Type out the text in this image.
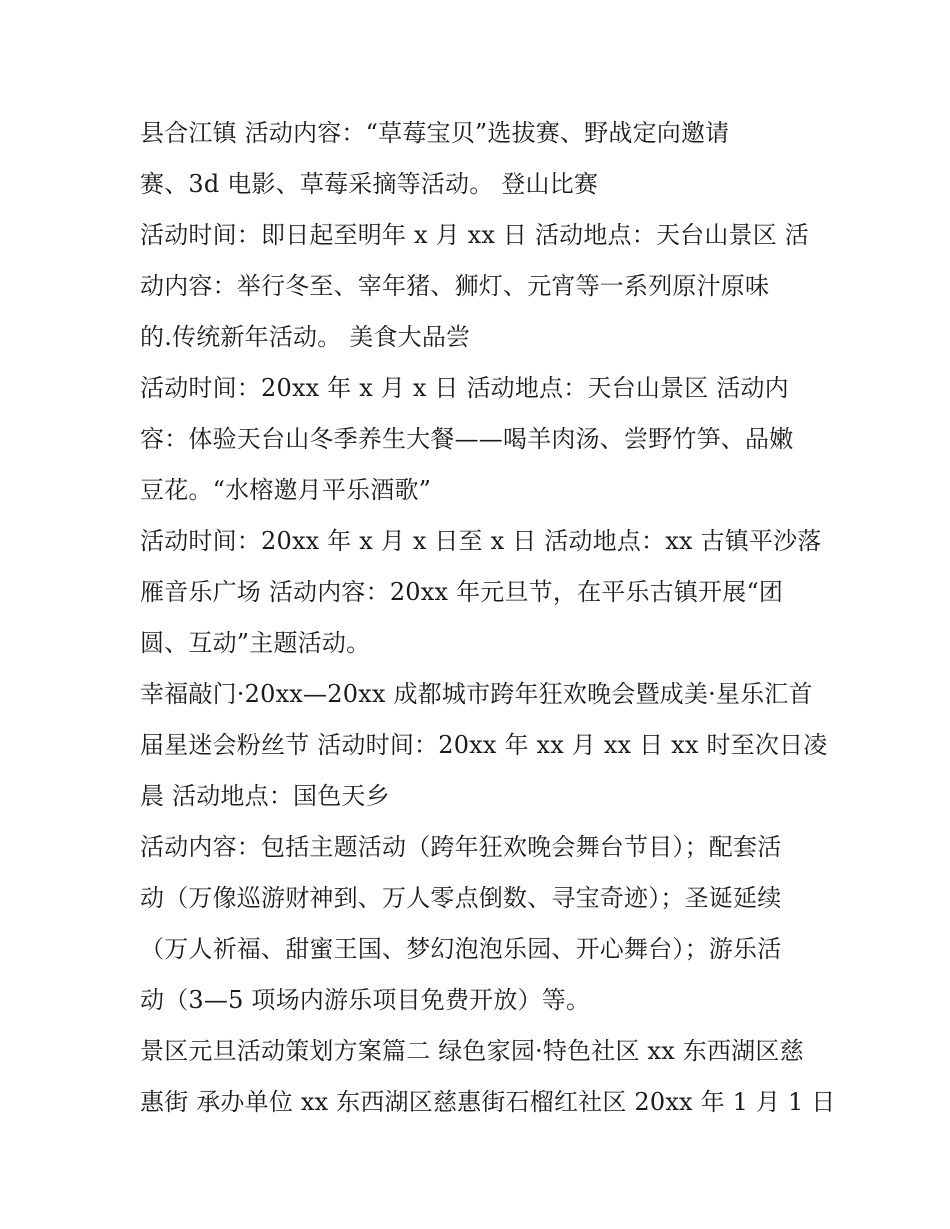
县合江镇 活动内容：“草莓宝贝”选拔赛、野战定向邀请
赛、3d 电影、草莓采摘等活动。 登山比赛
活动时间：即日起至明年 x 月 xx 日 活动地点：天台山景区 活
动内容：举行冬至、宰年猪、狮灯、元宵等一系列原汁原味
的.传统新年活动。 美食大品尝
活动时间：20xx 年 x 月 x 日 活动地点：天台山景区 活动内
容：体验天台山冬季养生大餐——喝羊肉汤、尝野竹笋、品嫩
豆花。“水榕邀月平乐酒歌”
活动时间：20xx 年 x 月 x 日至 x 日 活动地点：xx 古镇平沙落
雁音乐广场 活动内容：20xx 年元旦节，在平乐古镇开展“团
圆、互动”主题活动。
幸福敲门·20xx—20xx 成都城市跨年狂欢晚会暨成美·星乐汇首
届星迷会粉丝节 活动时间：20xx 年 xx 月 xx 日 xx 时至次日凌
晨 活动地点：国色天乡
活动内容：包括主题活动（跨年狂欢晚会舞台节目）；配套活
动（万像巡游财神到、万人零点倒数、寻宝奇迹）；圣诞延续
（万人祈福、甜蜜王国、梦幻泡泡乐园、开心舞台）；游乐活
动（3—5 项场内游乐项目免费开放）等。
景区元旦活动策划方案篇二 绿色家园·特色社区 xx 东西湖区慈
惠街 承办单位 xx 东西湖区慈惠街石榴红社区 20xx 年 1 月 1 日
